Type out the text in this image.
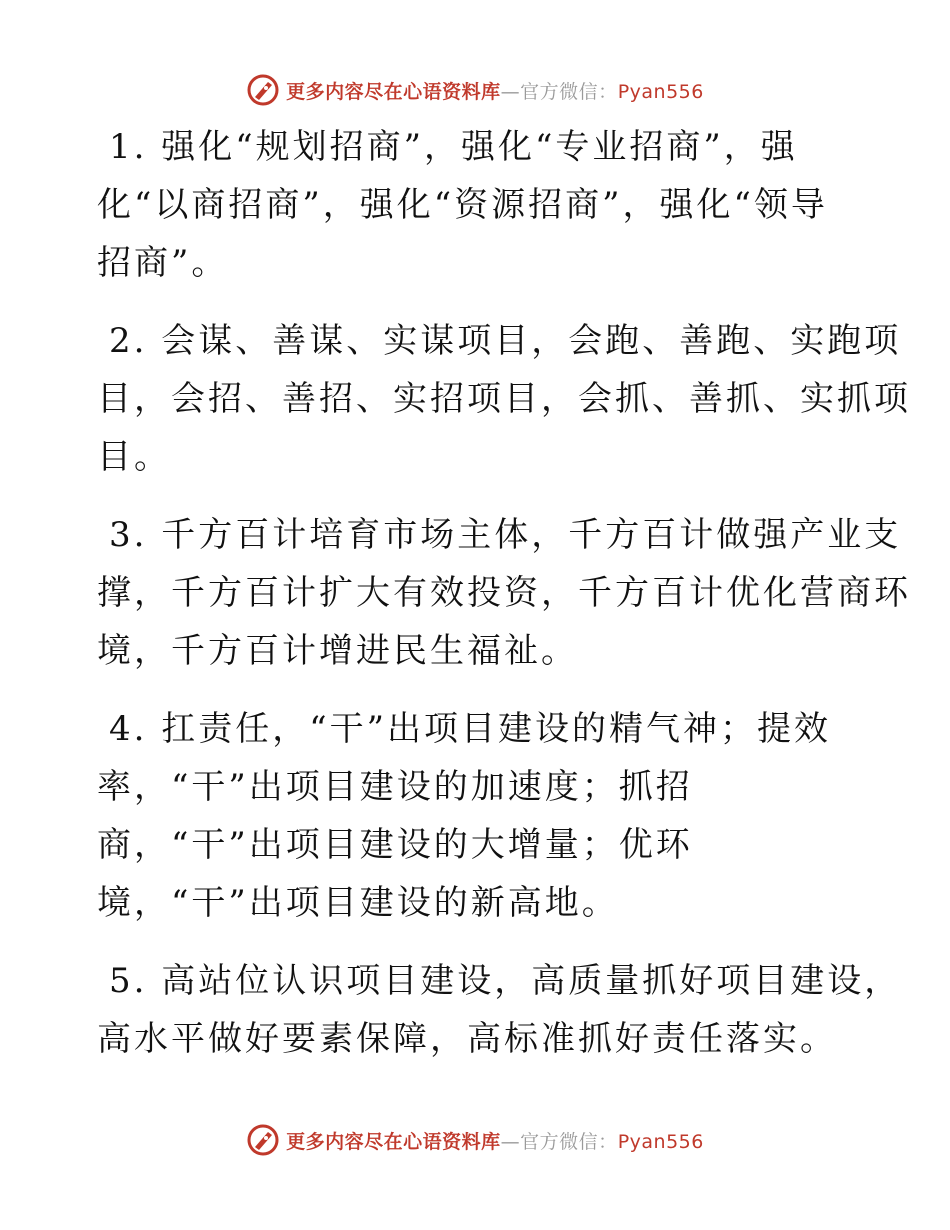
更多内容尽在心语资料库—官方微信：Pyan556
1. 强化“规划招商”，强化“专业招商”，强
化“以商招商”，强化“资源招商”，强化“领导
招商”。
2. 会谋、善谋、实谋项目，会跑、善跑、实跑项
目，会招、善招、实招项目，会抓、善抓、实抓项
目。
3. 千方百计培育市场主体，千方百计做强产业支
撑，千方百计扩大有效投资，千方百计优化营商环
境，千方百计增进民生福祉。
4. 扛责任，“干”出项目建设的精气神；提效
率，“干”出项目建设的加速度；抓招
商，“干”出项目建设的大增量；优环
境，“干”出项目建设的新高地。
5. 高站位认识项目建设，高质量抓好项目建设，
高水平做好要素保障，高标准抓好责任落实。
更多内容尽在心语资料库—官方微信：Pyan556
